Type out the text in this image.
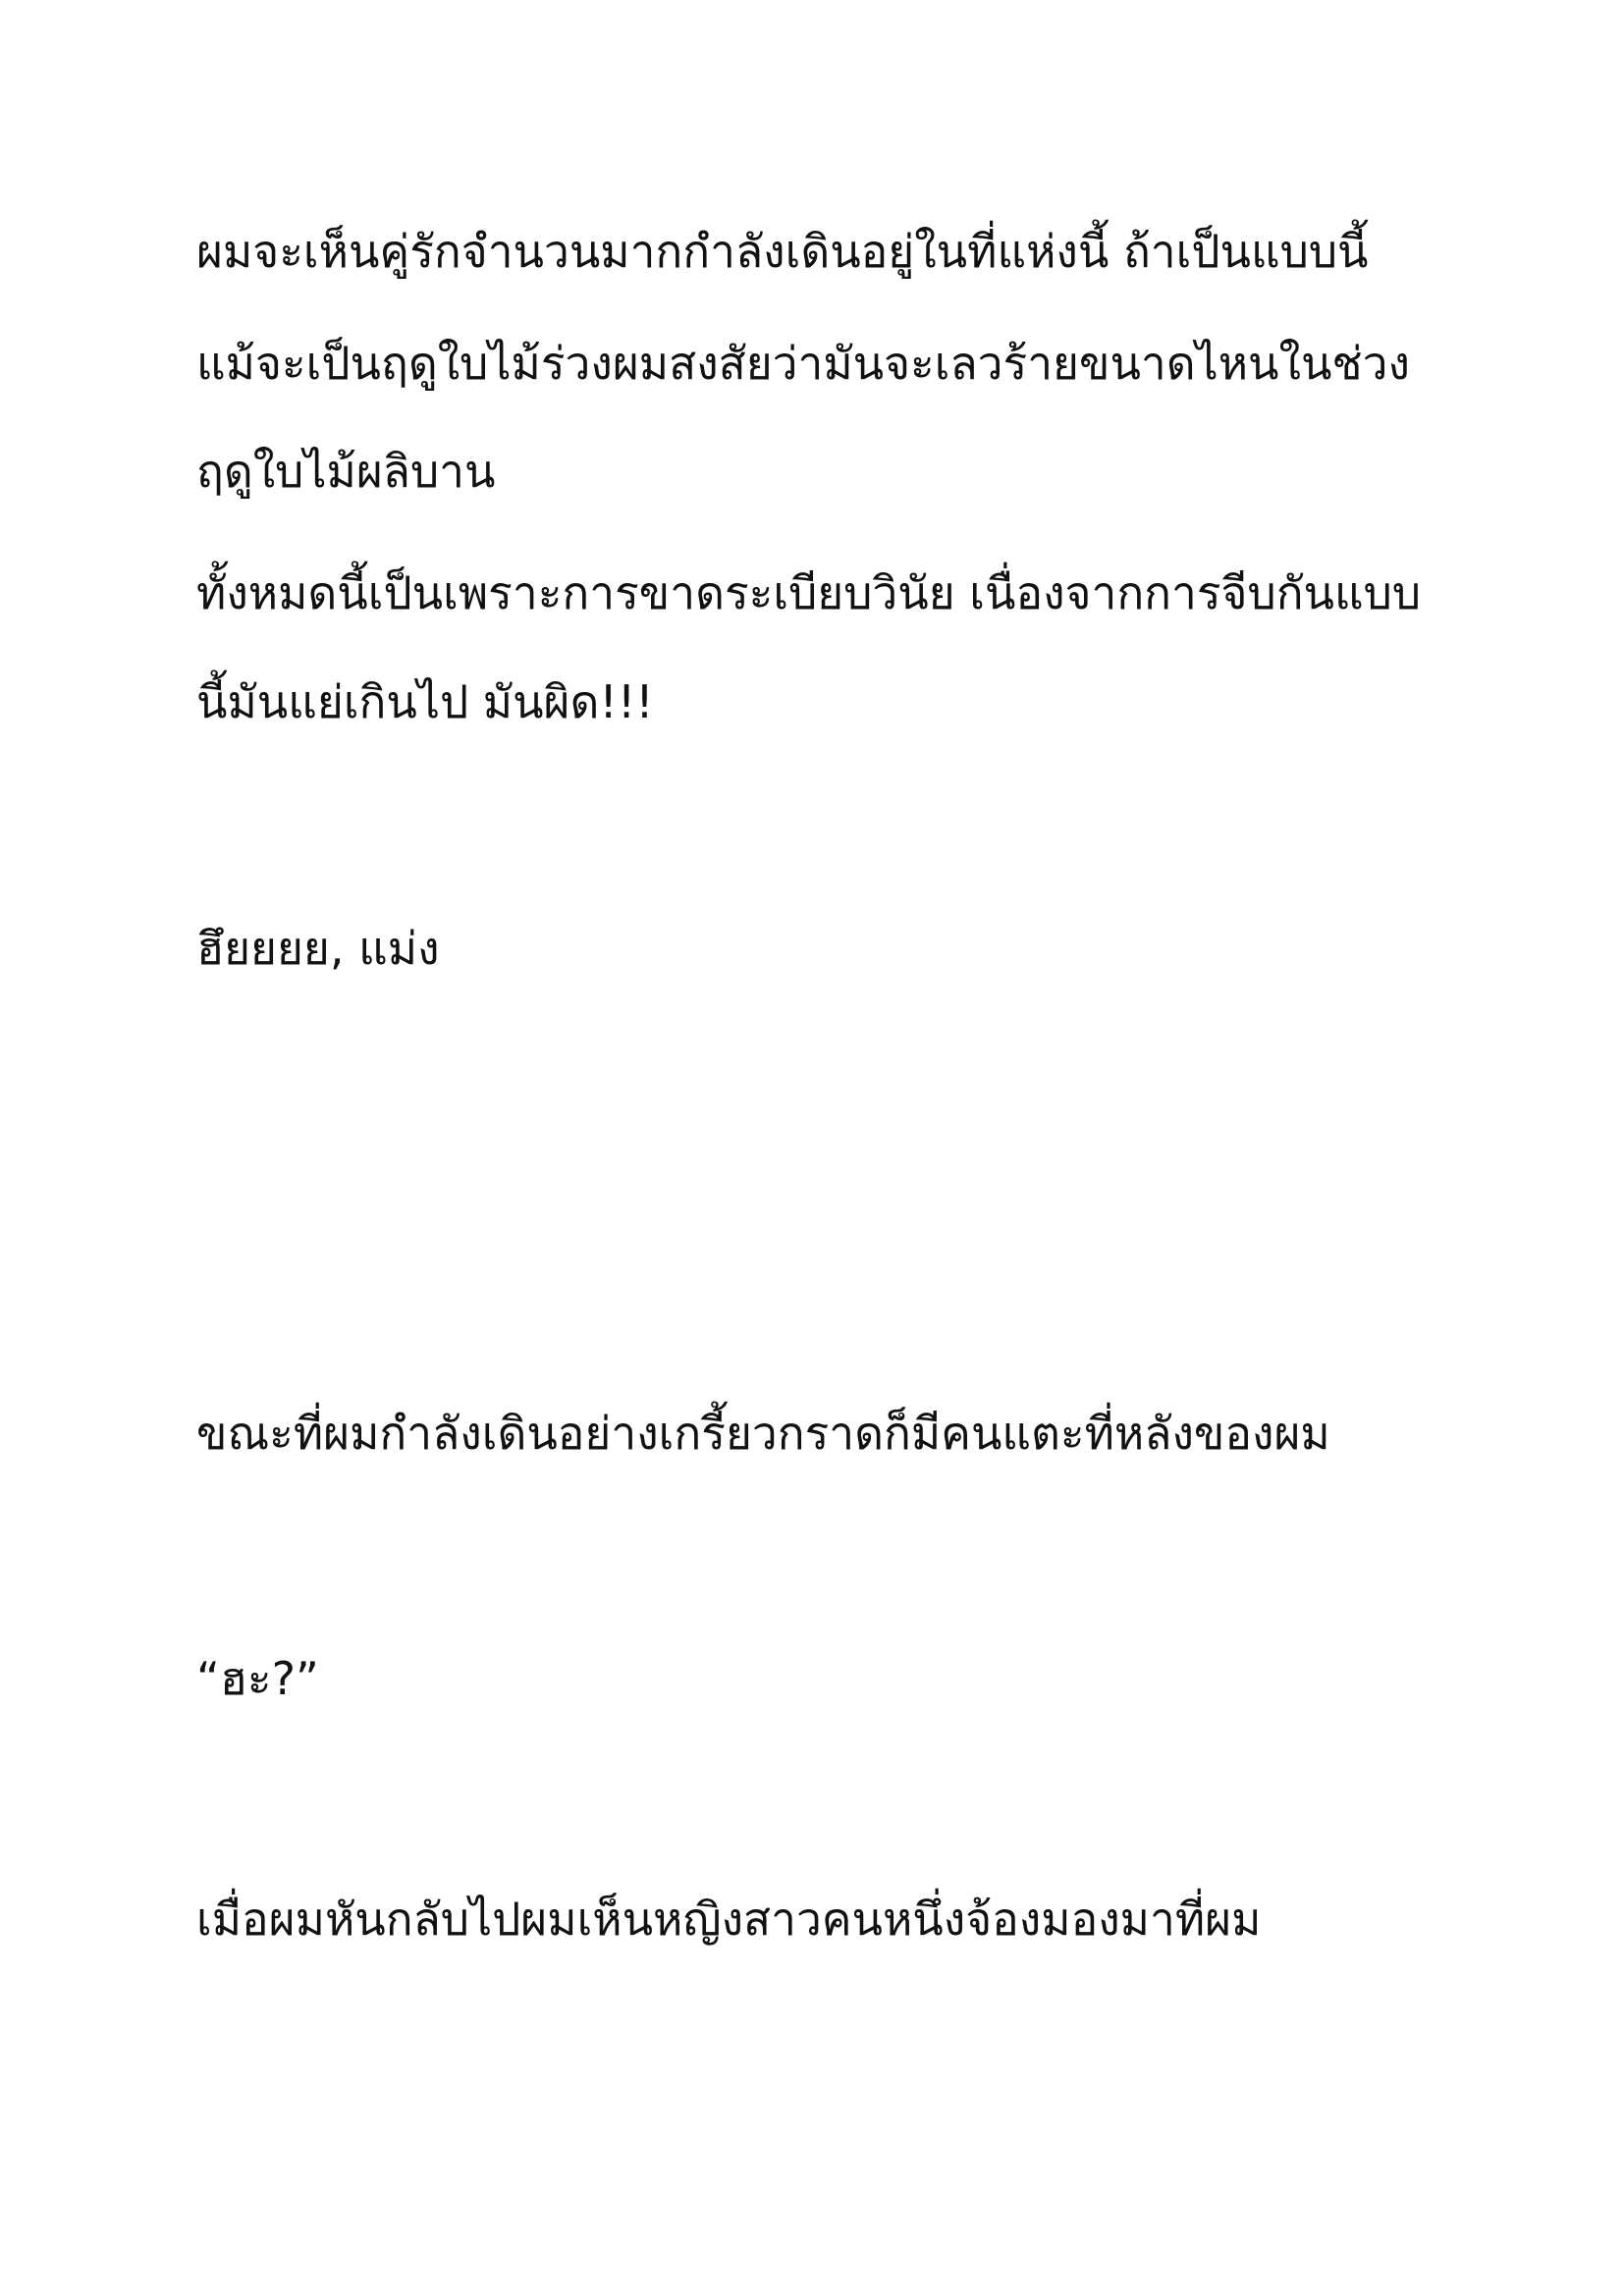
ผมจะเห็นคู่รักจำนวนมากกำลังเดินอยู่ในที่แห่งนี้ ถ้าเป็นแบบนี้

แม้จะเป็นฤดูใบไม้ร่วงผมสงสัยว่ามันจะเลวร้ายขนาดไหนในช่วง

ฤดูใบไม้ผลิบาน

ทั้งหมดนี้เป็นเพราะการขาดระเบียบวินัย เนื่องจากการจีบกันแบบ

นี้มันแย่เกินไป มันผิด!!!

ฮึยยยย, แม่ง

ขณะที่ผมกำลังเดินอย่างเกรี้ยวกราดก็มีคนแตะที่หลังของผม

“ฮะ?”

เมื่อผมหันกลับไปผมเห็นหญิงสาวคนหนึ่งจ้องมองมาที่ผม
